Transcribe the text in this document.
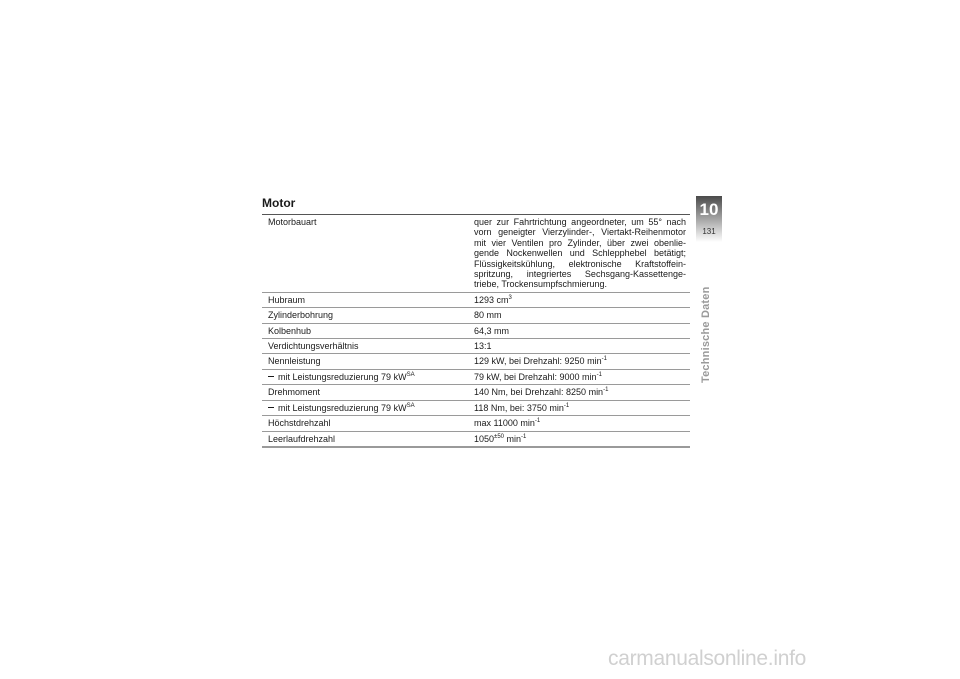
Motor
Motorbauart	quer zur Fahrtrichtung angeordneter, um 55° nach vorn geneigter Vierzylinder-, Viertakt-Reihenmotor mit vier Ventilen pro Zylinder, über zwei obenlie-gende Nockenwellen und Schlepphebel betätigt; Flüssigkeitskühlung, elektronische Kraftstoffein-spritzung, integriertes Sechsgang-Kassettenge-triebe, Trockensumpfschmierung.
Hubraum	1293 $cm^3$
Zylinderbohrung	80 mm
Kolbenhub	64,3 mm
Verdichtungsverhältnis	13:1
Nennleistung	129 kW, bei Drehzahl: 9250 $\min^{-1}$
mit Leistungsreduzierung 79 $kW^{SA}$	79 kW, bei Drehzahl: 9000 $\min^{-1}$
Drehmoment	140 Nm, bei Drehzahl: 8250 $\min^{-1}$
mit Leistungsreduzierung 79 $kW^{SA}$	118 Nm, bei: 3750 $\min^{-1}$
Höchstdrehzahl	max 11000 $\min^{-1}$
Leerlaufdrehzahl	$1050^{\pm 50}$ $\min^{-1}$
10
131
Technische Daten
carmanualsonline.info
